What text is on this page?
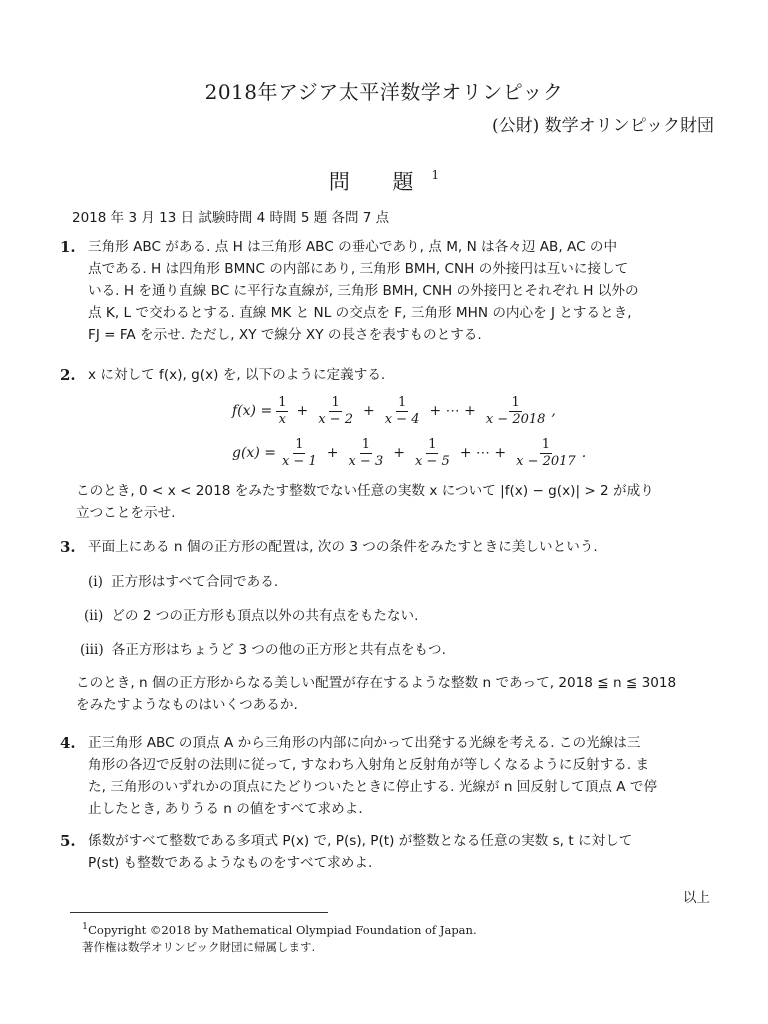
2018年アジア太平洋数学オリンピック
(公財) 数学オリンピック財団
問 題$^1$
2018 年 3 月 13 日 試験時間 4 時間 5 題 各問 7 点
1. 三角形 ABC がある. 点 H は三角形 ABC の垂心であり, 点 M, N は各々辺 AB, AC の中
点である. H は四角形 BMNC の内部にあり, 三角形 BMH, CNH の外接円は互いに接して
いる. H を通り直線 BC に平行な直線が, 三角形 BMH, CNH の外接円とそれぞれ H 以外の
点 K, L で交わるとする. 直線 MK と NL の交点を F, 三角形 MHN の内心を J とするとき,
FJ = FA を示せ. ただし, XY で線分 XY の長さを表すものとする.
2. x に対して f(x), g(x) を, 以下のように定義する.
$f(x) = \frac{1}{x} + \frac{1}{x - 2} + \frac{1}{x - 4}$ + ⋯ + $\frac{1}{x - 2018}$ ,
$g(x) = \frac{1}{x - 1} + \frac{1}{x - 3} + \frac{1}{x - 5}$ + ⋯ + $\frac{1}{x - 2017}$ .
このとき, 0 < x < 2018 をみたす整数でない任意の実数 x について |f(x) − g(x)| > 2 が成り
立つことを示せ.
3. 平面上にある n 個の正方形の配置は, 次の 3 つの条件をみたすときに美しいという.
(i) 正方形はすべて合同である.
(ii) どの 2 つの正方形も頂点以外の共有点をもたない.
(iii) 各正方形はちょうど 3 つの他の正方形と共有点をもつ.
このとき, n 個の正方形からなる美しい配置が存在するような整数 n であって, 2018 ≦ n ≦ 3018
をみたすようなものはいくつあるか.
4. 正三角形 ABC の頂点 A から三角形の内部に向かって出発する光線を考える. この光線は三
角形の各辺で反射の法則に従って, すなわち入射角と反射角が等しくなるように反射する. ま
た, 三角形のいずれかの頂点にたどりついたときに停止する. 光線が n 回反射して頂点 A で停
止したとき, ありうる n の値をすべて求めよ.
5. 係数がすべて整数である多項式 P(x) で, P(s), P(t) が整数となる任意の実数 s, t に対して
P(st) も整数であるようなものをすべて求めよ.
以上
$^1$Copyright ©2018 by Mathematical Olympiad Foundation of Japan.
著作権は数学オリンピック財団に帰属します.
